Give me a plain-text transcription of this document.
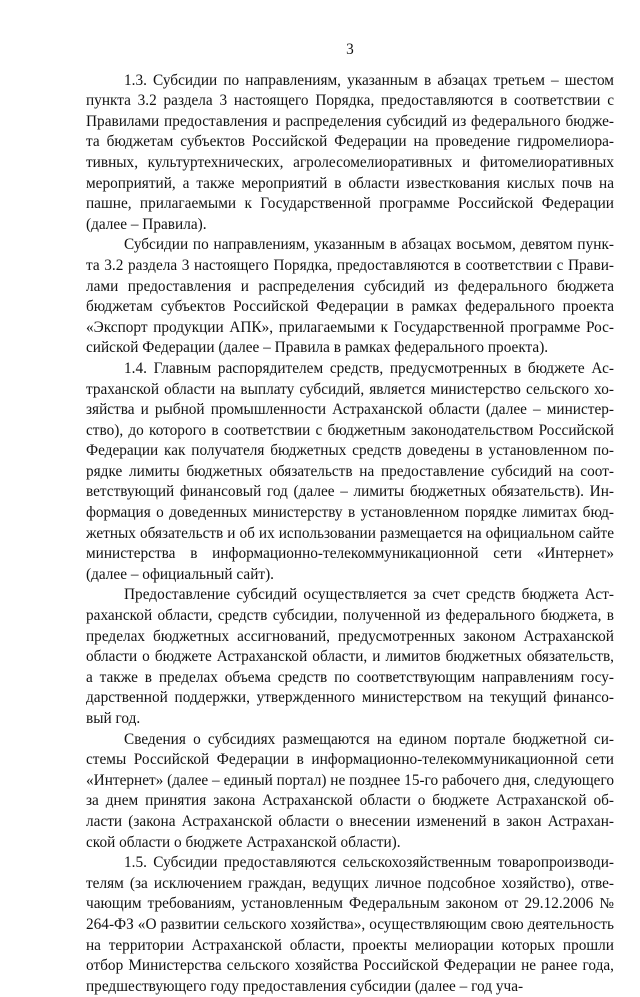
3

1.3. Субсидии по направлениям, указанным в абзацах третьем – шестом пункта 3.2 раздела 3 настоящего Порядка, предоставляются в соответствии с Правилами предоставления и распределения субсидий из федерального бюджета бюджетам субъектов Российской Федерации на проведение гидромелиоративных, культуртехнических, агролесомелиоративных и фитомелиоративных мероприятий, а также мероприятий в области известкования кислых почв на пашне, прилагаемыми к Государственной программе Российской Федерации (далее – Правила).

Субсидии по направлениям, указанным в абзацах восьмом, девятом пункта 3.2 раздела 3 настоящего Порядка, предоставляются в соответствии с Правилами предоставления и распределения субсидий из федерального бюджета бюджетам субъектов Российской Федерации в рамках федерального проекта «Экспорт продукции АПК», прилагаемыми к Государственной программе Российской Федерации (далее – Правила в рамках федерального проекта).

1.4. Главным распорядителем средств, предусмотренных в бюджете Астраханской области на выплату субсидий, является министерство сельского хозяйства и рыбной промышленности Астраханской области (далее – министерство), до которого в соответствии с бюджетным законодательством Российской Федерации как получателя бюджетных средств доведены в установленном порядке лимиты бюджетных обязательств на предоставление субсидий на соответствующий финансовый год (далее – лимиты бюджетных обязательств). Информация о доведенных министерству в установленном порядке лимитах бюджетных обязательств и об их использовании размещается на официальном сайте министерства в информационно-телекоммуникационной сети «Интернет» (далее – официальный сайт).

Предоставление субсидий осуществляется за счет средств бюджета Астраханской области, средств субсидии, полученной из федерального бюджета, в пределах бюджетных ассигнований, предусмотренных законом Астраханской области о бюджете Астраханской области, и лимитов бюджетных обязательств, а также в пределах объема средств по соответствующим направлениям государственной поддержки, утвержденного министерством на текущий финансовый год.

Сведения о субсидиях размещаются на едином портале бюджетной системы Российской Федерации в информационно-телекоммуникационной сети «Интернет» (далее – единый портал) не позднее 15-го рабочего дня, следующего за днем принятия закона Астраханской области о бюджете Астраханской области (закона Астраханской области о внесении изменений в закон Астраханской области о бюджете Астраханской области).

1.5. Субсидии предоставляются сельскохозяйственным товаропроизводителям (за исключением граждан, ведущих личное подсобное хозяйство), отвечающим требованиям, установленным Федеральным законом от 29.12.2006 № 264-ФЗ «О развитии сельского хозяйства», осуществляющим свою деятельность на территории Астраханской области, проекты мелиорации которых прошли отбор Министерства сельского хозяйства Российской Федерации не ранее года, предшествующего году предоставления субсидии (далее – год уча-
